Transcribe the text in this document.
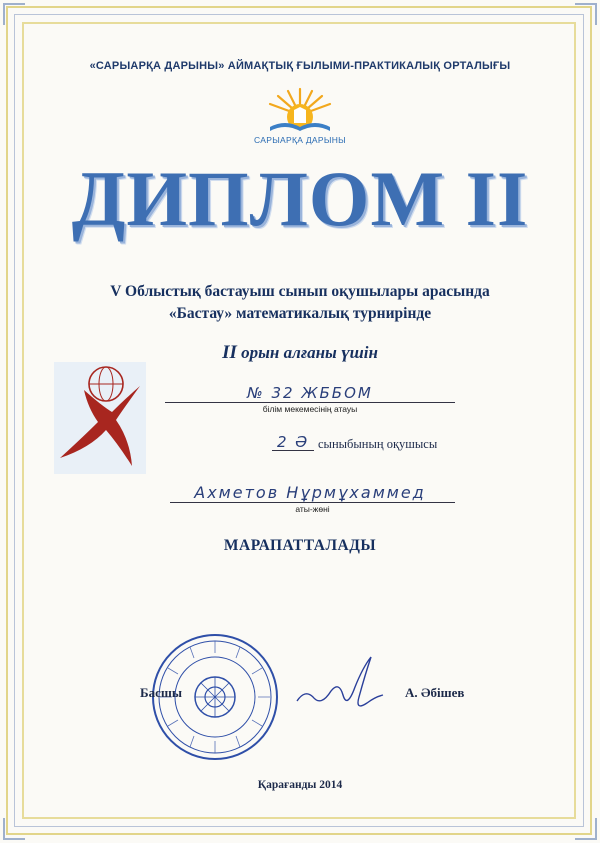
«САРЫАРҚА ДАРЫНЫ» АЙМАҚТЫҚ ҒЫЛЫМИ-ПРАКТИКАЛЫҚ ОРТАЛЫҒЫ
САРЫАРҚА ДАРЫНЫ
ДИПЛОМ II
V Облыстық бастауыш сынып оқушылары арасында
«Бастау» математикалық турнирінде
II орын алғаны үшін
№ 32 ЖББОМ
білім мекемесінің атауы
2 Ә сыныбының оқушысы
Ахметов Нұрмұхаммед
аты-жөні
МАРАПАТТАЛАДЫ
Басшы	А. Әбішев
Қарағанды 2014
